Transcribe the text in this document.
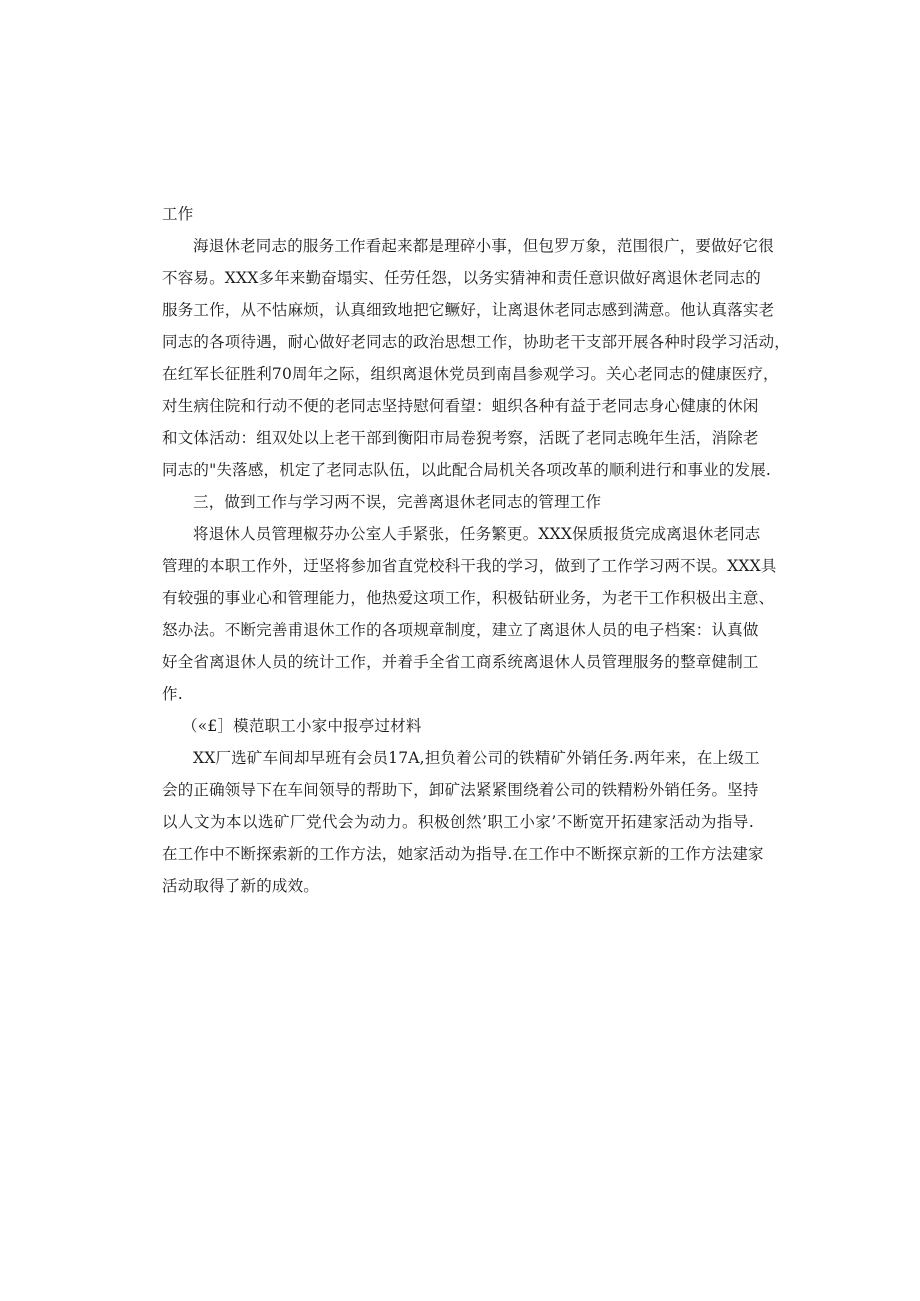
工作
海退休老同志的服务工作看起来都是理碎小事，但包罗万象，范围很广，要做好它很
不容易。XXX多年来勤奋塌实、任劳任怨，以务实猜神和责任意识做好离退休老同志的
服务工作，从不怙麻烦，认真细致地把它鳜好，让离退休老同志感到满意。他认真落实老
同志的各项待遇，耐心做好老同志的政治思想工作，协助老干支部开展各种时段学习活动，
在红军长征胜利70周年之际，组织离退休党员到南昌参观学习。关心老同志的健康医疗，
对生病住院和行动不便的老同志坚持慰何看望：蛆织各种有益于老同志身心健康的休闲
和文体活动：组双处以上老干部到衡阳市局卷猊考察，活既了老同志晚年生活，消除老
同志的"失落感，机定了老同志队伍，以此配合局机关各项改革的顺利进行和事业的发展.
三，做到工作与学习两不误，完善离退休老同志的管理工作
将退休人员管理椒芬办公室人手紧张，任务繁更。XXX保质报货完成离退休老同志
管理的本职工作外，迂坚将参加省直党校科干我的学习，做到了工作学习两不误。XXX具
有较强的事业心和管理能力，他热爱这项工作，积极钻研业务，为老干工作积极出主意、
怒办法。不断完善甫退休工作的各项规章制度，建立了离退休人员的电子档案：认真做
好全省离退休人员的统计工作，并着手全省工商系统离退休人员管理服务的整章健制工
作.
（«£］模范职工小家中报亭过材料
XX厂选矿车间却早班有会员17A,担负着公司的铁精矿外销任务.两年来，在上级工
会的正确领导下在车间领导的帮助下，卸矿法紧紧围绕着公司的铁精粉外销任务。坚持
以人文为本以选矿厂党代会为动力。积极创然’职工小家’不断宽开拓建家活动为指导.
在工作中不断探索新的工作方法，她家活动为指导.在工作中不断探京新的工作方法建家
活动取得了新的成效。
